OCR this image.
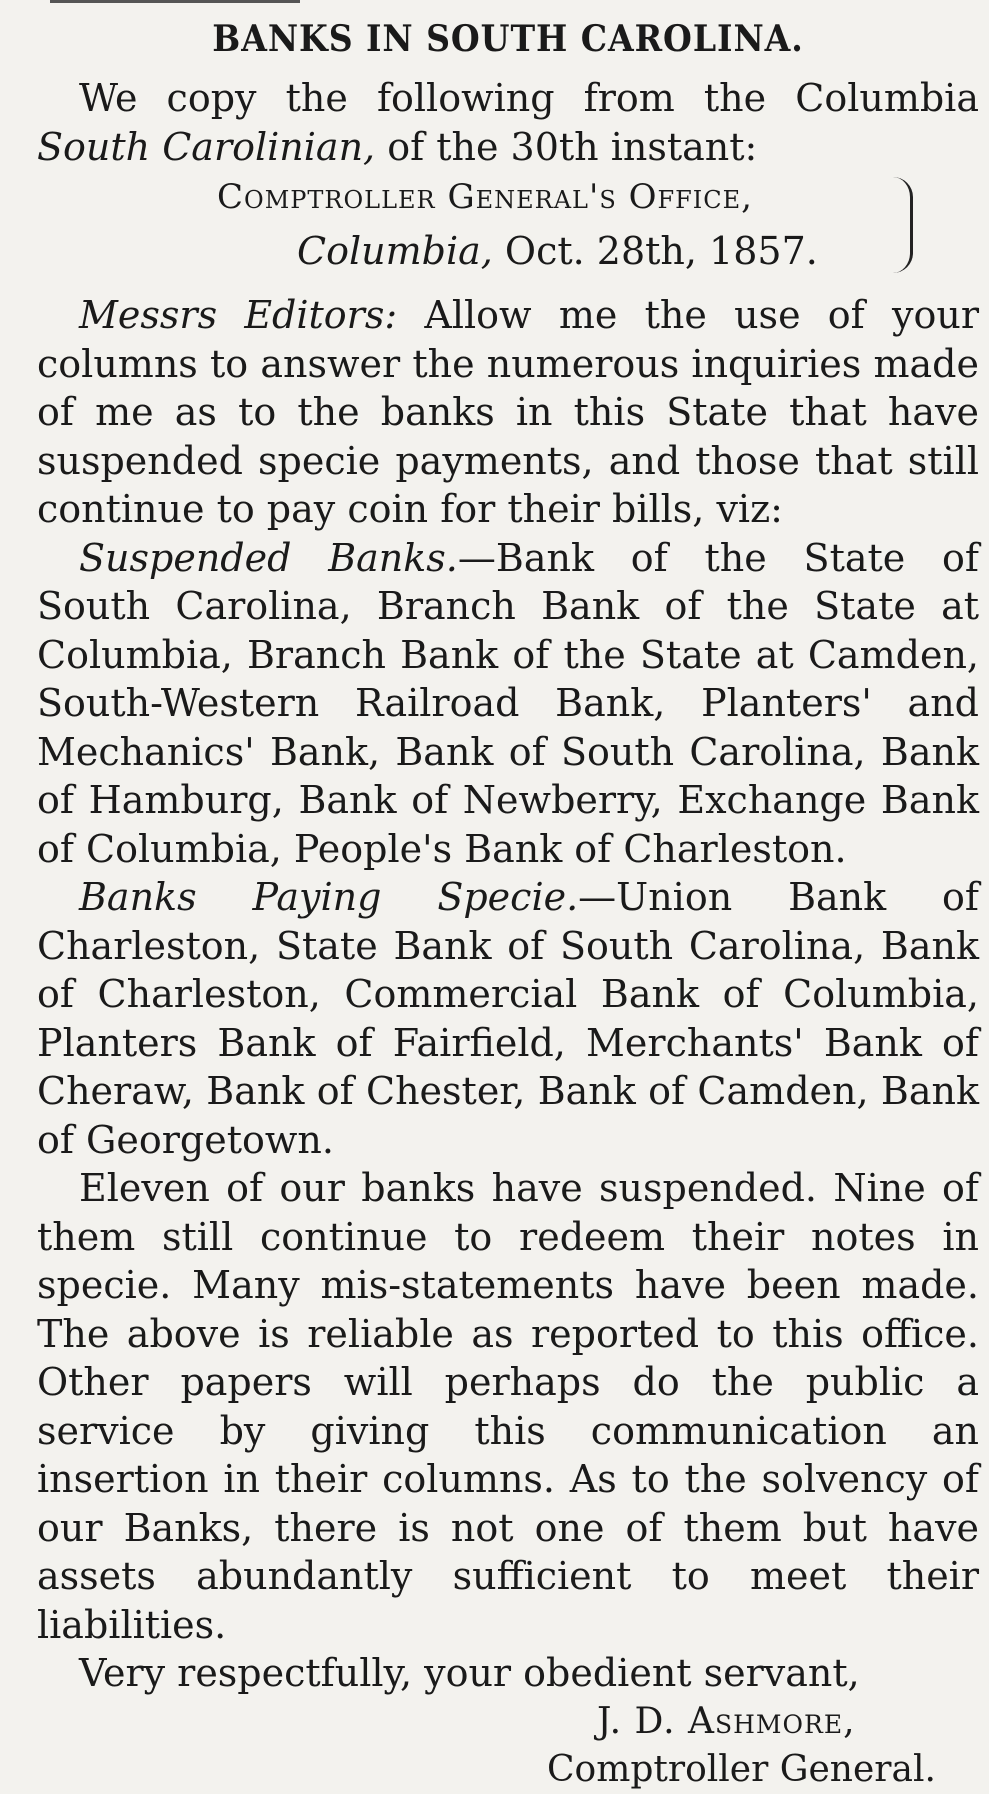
BANKS IN SOUTH CAROLINA.

We copy the following from the Columbia South Carolinian, of the 30th instant:

Comptroller General's Office,
Columbia, Oct. 28th, 1857.

Messrs Editors: Allow me the use of your columns to answer the numerous inquiries made of me as to the banks in this State that have suspended specie payments, and those that still continue to pay coin for their bills, viz:

Suspended Banks.—Bank of the State of South Carolina, Branch Bank of the State at Columbia, Branch Bank of the State at Camden, South-Western Railroad Bank, Planters' and Mechanics' Bank, Bank of South Carolina, Bank of Hamburg, Bank of Newberry, Exchange Bank of Columbia, People's Bank of Charleston.

Banks Paying Specie.—Union Bank of Charleston, State Bank of South Carolina, Bank of Charleston, Commercial Bank of Columbia, Planters Bank of Fairfield, Merchants' Bank of Cheraw, Bank of Chester, Bank of Camden, Bank of Georgetown.

Eleven of our banks have suspended. Nine of them still continue to redeem their notes in specie. Many mis-statements have been made. The above is reliable as reported to this office. Other papers will perhaps do the public a service by giving this communication an insertion in their columns. As to the solvency of our Banks, there is not one of them but have assets abundantly sufficient to meet their liabilities.

Very respectfully, your obedient servant,

J. D. Ashmore,
Comptroller General.
